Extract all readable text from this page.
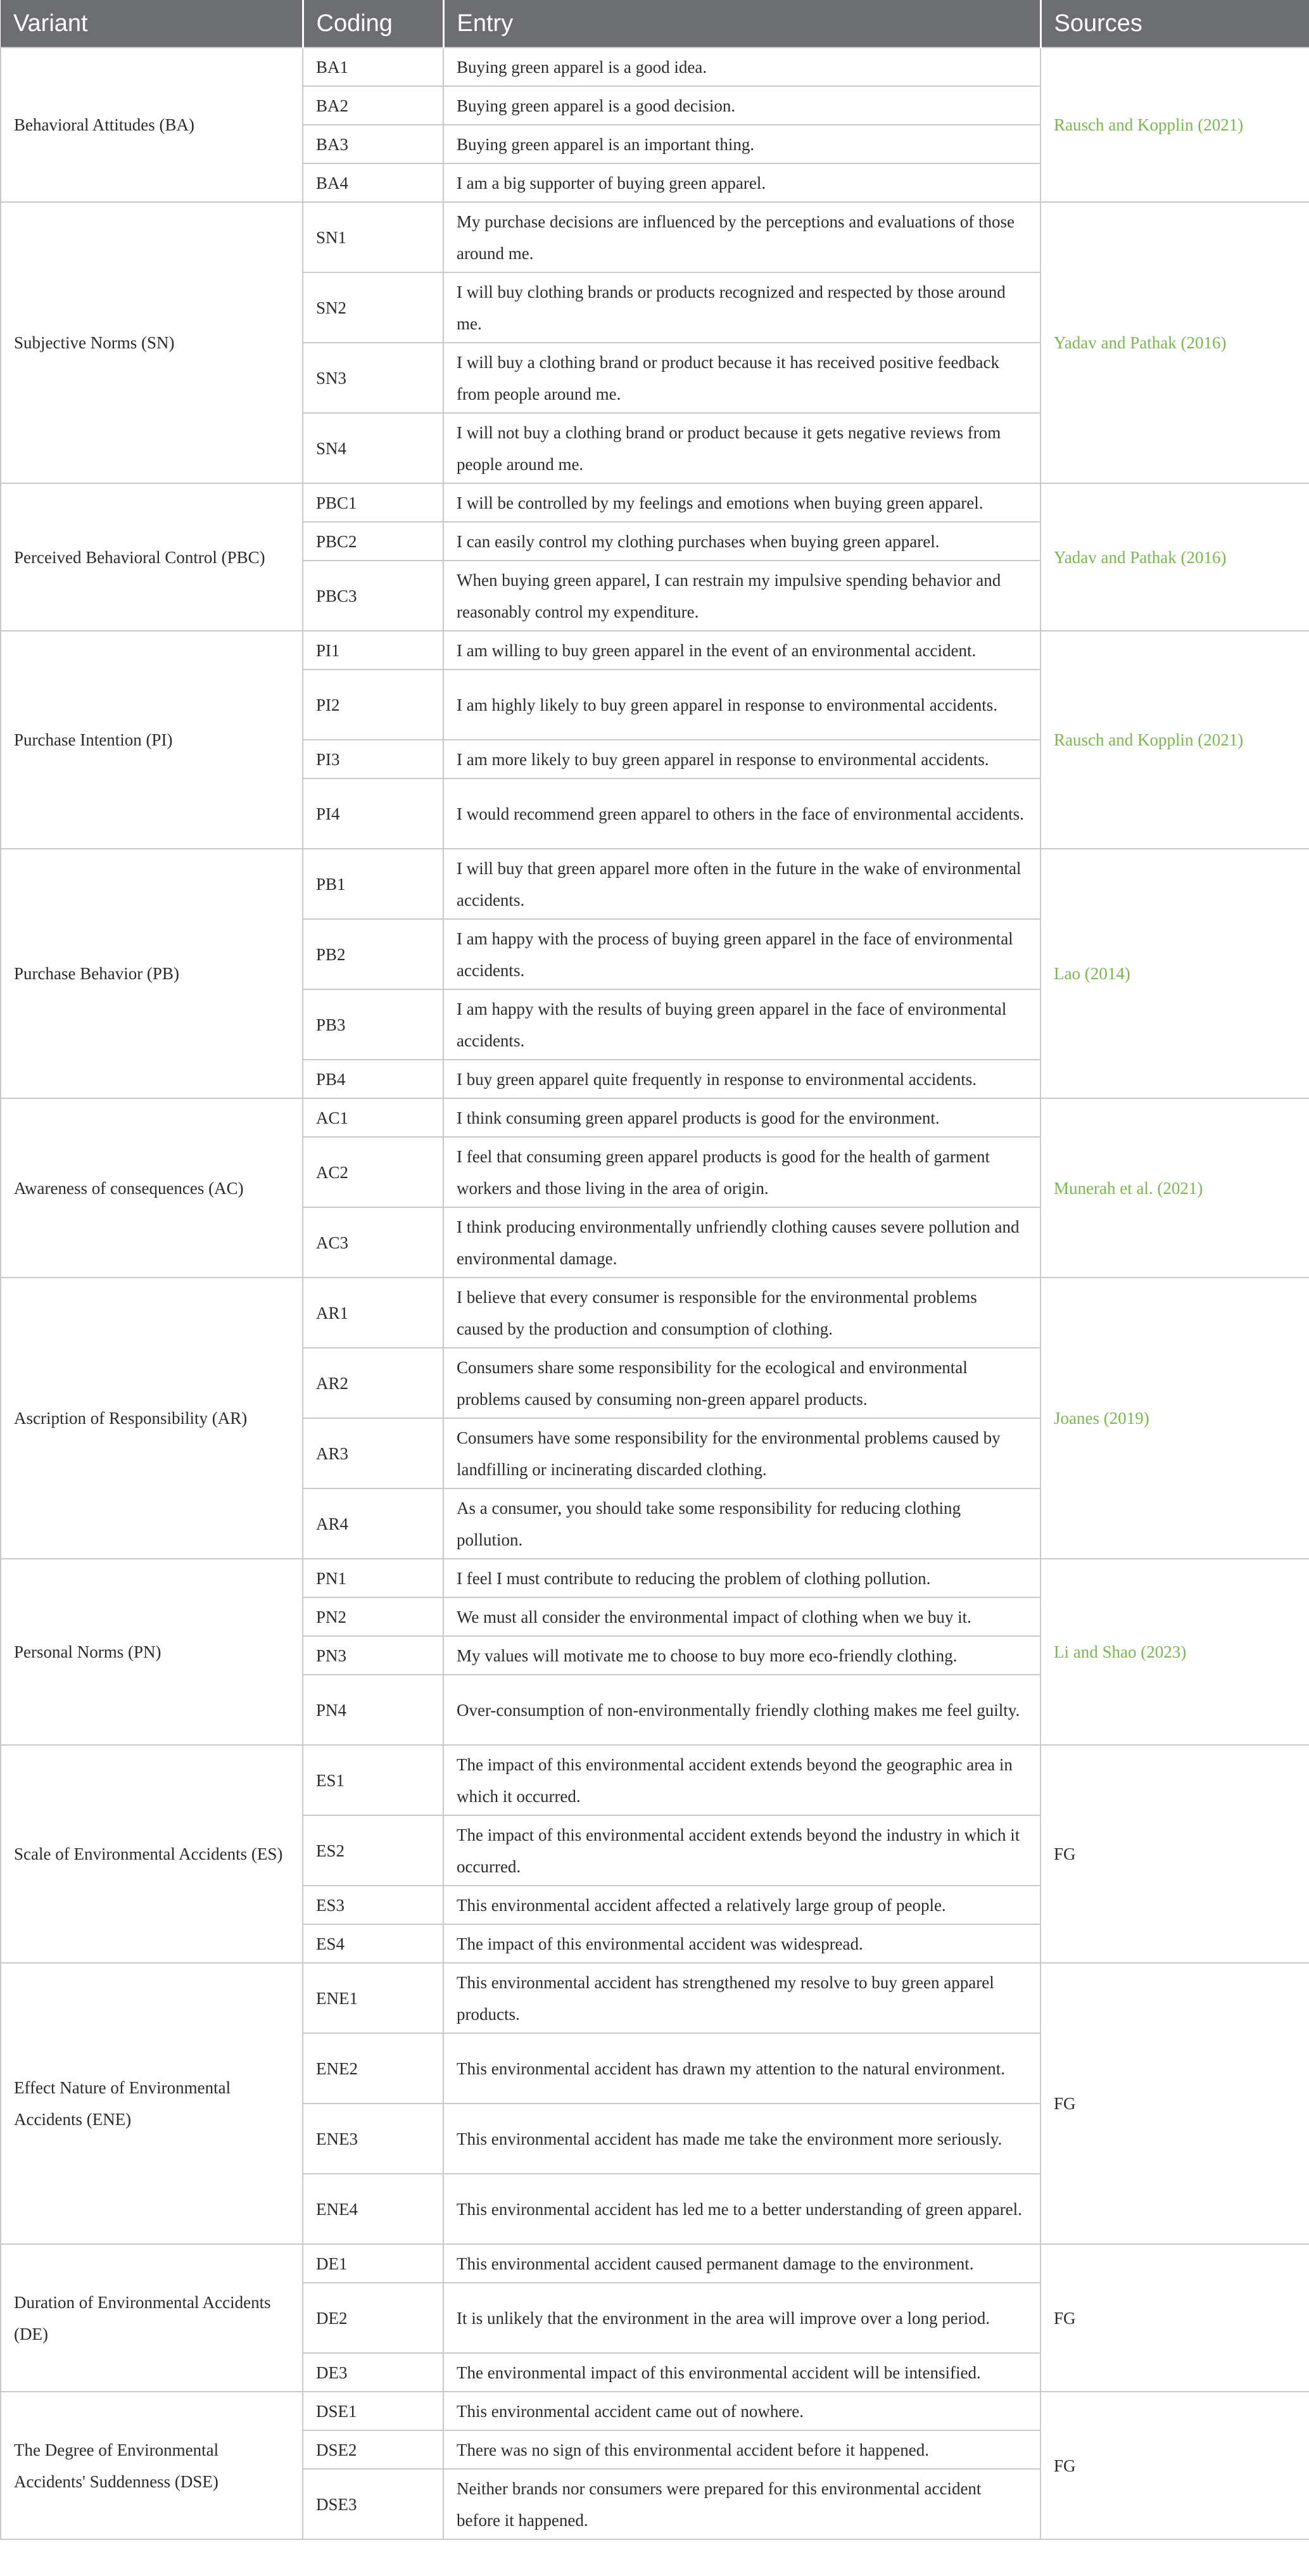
Variant	Coding	Entry	Sources
Behavioral Attitudes (BA)	BA1	Buying green apparel is a good idea.	Rausch and Kopplin (2021)
	BA2	Buying green apparel is a good decision.	
	BA3	Buying green apparel is an important thing.	
	BA4	I am a big supporter of buying green apparel.	
Subjective Norms (SN)	SN1	My purchase decisions are influenced by the perceptions and evaluations of those around me.	Yadav and Pathak (2016)
	SN2	I will buy clothing brands or products recognized and respected by those around me.	
	SN3	I will buy a clothing brand or product because it has received positive feedback from people around me.	
	SN4	I will not buy a clothing brand or product because it gets negative reviews from people around me.	
Perceived Behavioral Control (PBC)	PBC1	I will be controlled by my feelings and emotions when buying green apparel.	Yadav and Pathak (2016)
	PBC2	I can easily control my clothing purchases when buying green apparel.	
	PBC3	When buying green apparel, I can restrain my impulsive spending behavior and reasonably control my expenditure.	
Purchase Intention (PI)	PI1	I am willing to buy green apparel in the event of an environmental accident.	Rausch and Kopplin (2021)
	PI2	I am highly likely to buy green apparel in response to environmental accidents.	
	PI3	I am more likely to buy green apparel in response to environmental accidents.	
	PI4	I would recommend green apparel to others in the face of environmental accidents.	
Purchase Behavior (PB)	PB1	I will buy that green apparel more often in the future in the wake of environmental accidents.	Lao (2014)
	PB2	I am happy with the process of buying green apparel in the face of environmental accidents.	
	PB3	I am happy with the results of buying green apparel in the face of environmental accidents.	
	PB4	I buy green apparel quite frequently in response to environmental accidents.	
Awareness of consequences (AC)	AC1	I think consuming green apparel products is good for the environment.	Munerah et al. (2021)
	AC2	I feel that consuming green apparel products is good for the health of garment workers and those living in the area of origin.	
	AC3	I think producing environmentally unfriendly clothing causes severe pollution and environmental damage.	
Ascription of Responsibility (AR)	AR1	I believe that every consumer is responsible for the environmental problems caused by the production and consumption of clothing.	Joanes (2019)
	AR2	Consumers share some responsibility for the ecological and environmental problems caused by consuming non-green apparel products.	
	AR3	Consumers have some responsibility for the environmental problems caused by landfilling or incinerating discarded clothing.	
	AR4	As a consumer, you should take some responsibility for reducing clothing pollution.	
Personal Norms (PN)	PN1	I feel I must contribute to reducing the problem of clothing pollution.	Li and Shao (2023)
	PN2	We must all consider the environmental impact of clothing when we buy it.	
	PN3	My values will motivate me to choose to buy more eco-friendly clothing.	
	PN4	Over-consumption of non-environmentally friendly clothing makes me feel guilty.	
Scale of Environmental Accidents (ES)	ES1	The impact of this environmental accident extends beyond the geographic area in which it occurred.	FG
	ES2	The impact of this environmental accident extends beyond the industry in which it occurred.	
	ES3	This environmental accident affected a relatively large group of people.	
	ES4	The impact of this environmental accident was widespread.	
Effect Nature of Environmental Accidents (ENE)	ENE1	This environmental accident has strengthened my resolve to buy green apparel products.	FG
	ENE2	This environmental accident has drawn my attention to the natural environment.	
	ENE3	This environmental accident has made me take the environment more seriously.	
	ENE4	This environmental accident has led me to a better understanding of green apparel.	
Duration of Environmental Accidents (DE)	DE1	This environmental accident caused permanent damage to the environment.	FG
	DE2	It is unlikely that the environment in the area will improve over a long period.	
	DE3	The environmental impact of this environmental accident will be intensified.	
The Degree of Environmental Accidents' Suddenness (DSE)	DSE1	This environmental accident came out of nowhere.	FG
	DSE2	There was no sign of this environmental accident before it happened.	
	DSE3	Neither brands nor consumers were prepared for this environmental accident before it happened.	
